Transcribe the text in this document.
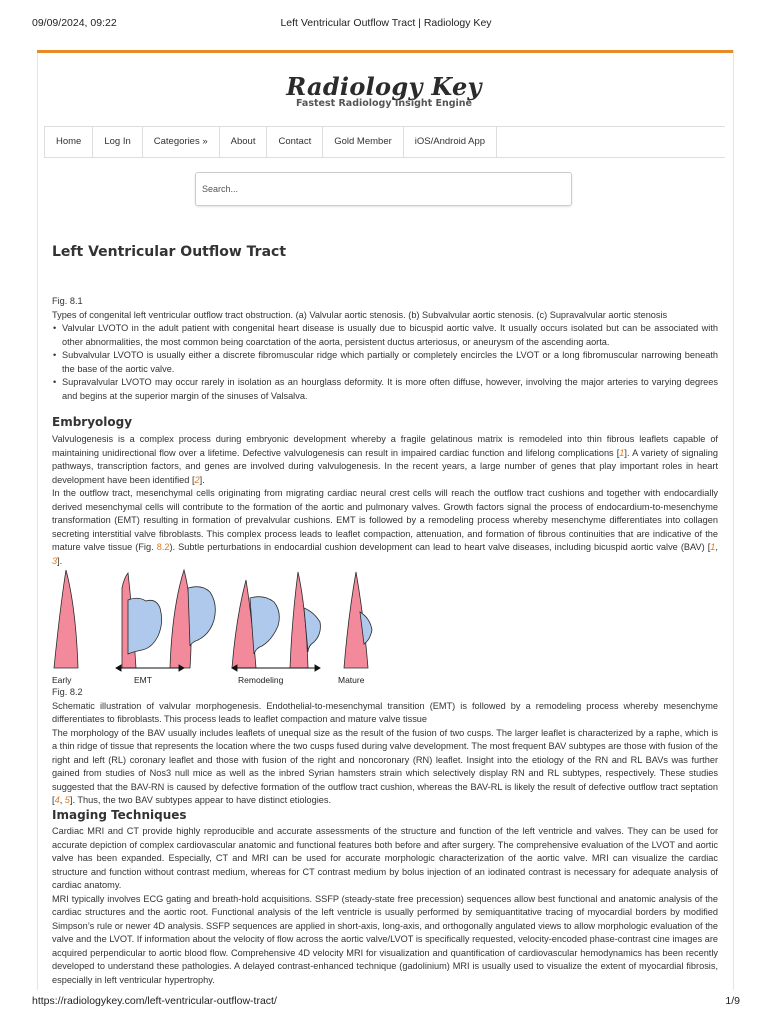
09/09/2024, 09:22	Left Ventricular Outflow Tract | Radiology Key
Radiology Key
Fastest Radiology Insight Engine
Home	Log In	Categories »	About	Contact	Gold Member	iOS/Android App
Search...
Left Ventricular Outflow Tract
Fig. 8.1

Types of congenital left ventricular outflow tract obstruction. (a) Valvular aortic stenosis. (b) Subvalvular aortic stenosis. (c) Supravalvular aortic stenosis

• Valvular LVOTO in the adult patient with congenital heart disease is usually due to bicuspid aortic valve. It usually occurs isolated but can be associated with other abnormalities, the most common being coarctation of the aorta, persistent ductus arteriosus, or aneurysm of the ascending aorta.
• Subvalvular LVOTO is usually either a discrete fibromuscular ridge which partially or completely encircles the LVOT or a long fibromuscular narrowing beneath the base of the aortic valve.
• Supravalvular LVOTO may occur rarely in isolation as an hourglass deformity. It is more often diffuse, however, involving the major arteries to varying degrees and begins at the superior margin of the sinuses of Valsalva.
Embryology

Valvulogenesis is a complex process during embryonic development whereby a fragile gelatinous matrix is remodeled into thin fibrous leaflets capable of maintaining unidirectional flow over a lifetime. Defective valvulogenesis can result in impaired cardiac function and lifelong complications [1]. A variety of signaling pathways, transcription factors, and genes are involved during valvulogenesis. In the recent years, a large number of genes that play important roles in heart development have been identified [2].

In the outflow tract, mesenchymal cells originating from migrating cardiac neural crest cells will reach the outflow tract cushions and together with endocardially derived mesenchymal cells will contribute to the formation of the aortic and pulmonary valves. Growth factors signal the process of endocardium-to-mesenchyme transformation (EMT) resulting in formation of prevalvular cushions. EMT is followed by a remodeling process whereby mesenchyme differentiates into collagen secreting interstitial valve fibroblasts. This complex process leads to leaflet compaction, attenuation, and formation of fibrous continuities that are indicative of the mature valve tissue (Fig. 8.2). Subtle perturbations in endocardial cushion development can lead to heart valve diseases, including bicuspid aortic valve (BAV) [1, 3].

Early	EMT	Remodeling	Mature
Fig. 8.2

Schematic illustration of valvular morphogenesis. Endothelial-to-mesenchymal transition (EMT) is followed by a remodeling process whereby mesenchyme differentiates to fibroblasts. This process leads to leaflet compaction and mature valve tissue

The morphology of the BAV usually includes leaflets of unequal size as the result of the fusion of two cusps. The larger leaflet is characterized by a raphe, which is a thin ridge of tissue that represents the location where the two cusps fused during valve development. The most frequent BAV subtypes are those with fusion of the right and left (RL) coronary leaflet and those with fusion of the right and noncoronary (RN) leaflet. Insight into the etiology of the RN and RL BAVs was further gained from studies of Nos3 null mice as well as the inbred Syrian hamsters strain which selectively display RN and RL subtypes, respectively. These studies suggested that the BAV-RN is caused by defective formation of the outflow tract cushion, whereas the BAV-RL is likely the result of defective outflow tract septation [4, 5]. Thus, the two BAV subtypes appear to have distinct etiologies.

Imaging Techniques

Cardiac MRI and CT provide highly reproducible and accurate assessments of the structure and function of the left ventricle and valves. They can be used for accurate depiction of complex cardiovascular anatomic and functional features both before and after surgery. The comprehensive evaluation of the LVOT and aortic valve has been expanded. Especially, CT and MRI can be used for accurate morphologic characterization of the aortic valve. MRI can visualize the cardiac structure and function without contrast medium, whereas for CT contrast medium by bolus injection of an iodinated contrast is necessary for adequate analysis of cardiac anatomy.

MRI typically involves ECG gating and breath-hold acquisitions. SSFP (steady-state free precession) sequences allow best functional and anatomic analysis of the cardiac structures and the aortic root. Functional analysis of the left ventricle is usually performed by semiquantitative tracing of myocardial borders by modified Simpson’s rule or newer 4D analysis. SSFP sequences are applied in short-axis, long-axis, and orthogonally angulated views to allow morphologic evaluation of the valve and the LVOT. If information about the velocity of flow across the aortic valve/LVOT is specifically requested, velocity-encoded phase-contrast cine images are acquired perpendicular to aortic blood flow. Comprehensive 4D velocity MRI for visualization and quantification of cardiovascular hemodynamics has been recently developed to understand these pathologies. A delayed contrast-enhanced technique (gadolinium) MRI is usually used to visualize the extent of myocardial fibrosis, especially in left ventricular hypertrophy.

https://radiologykey.com/left-ventricular-outflow-tract/	1/9
